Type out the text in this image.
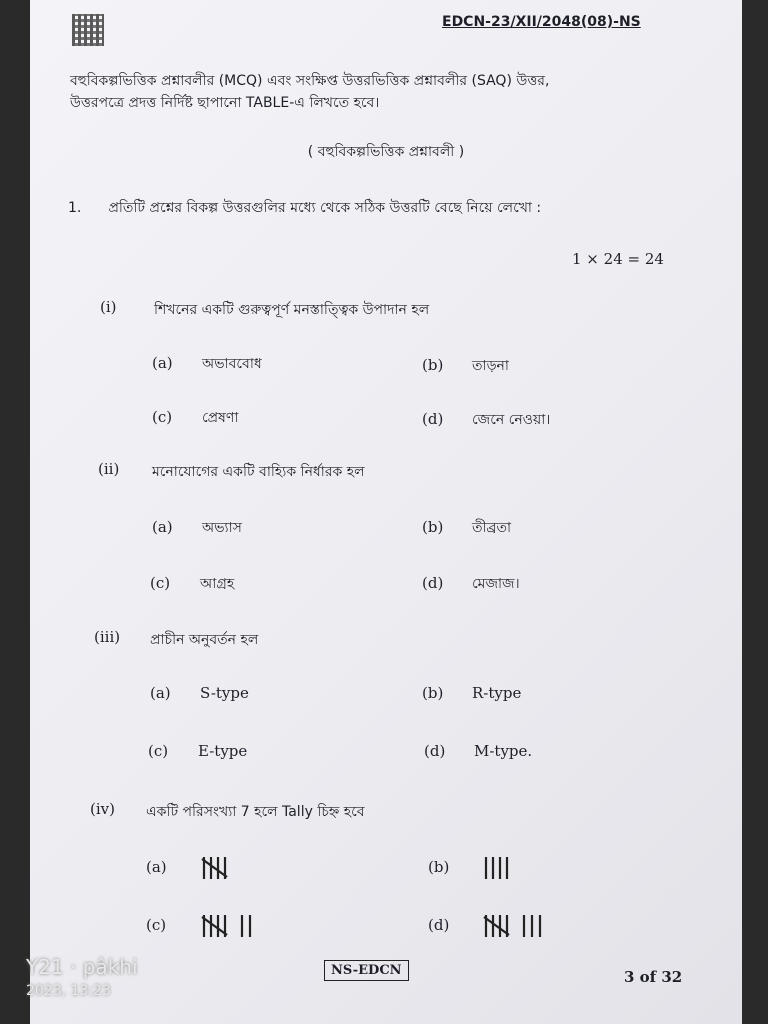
EDCN-23/XII/2048(08)-NS
বহুবিকল্পভিত্তিক প্রশ্নাবলীর (MCQ) এবং সংক্ষিপ্ত উত্তরভিত্তিক প্রশ্নাবলীর (SAQ) উত্তর,
উত্তরপত্রে প্রদত্ত নির্দিষ্ট ছাপানো TABLE-এ লিখতে হবে।
( বহুবিকল্পভিত্তিক প্রশ্নাবলী )
1. প্রতিটি প্রশ্নের বিকল্প উত্তরগুলির মধ্যে থেকে সঠিক উত্তরটি বেছে নিয়ে লেখো :
1 × 24 = 24
(i)	শিখনের একটি গুরুত্বপূর্ণ মনস্তাত্ত্বিক উপাদান হল
(a) অভাববোধ	(b) তাড়না
(c) প্রেষণা	(d) জেনে নেওয়া।
(ii) মনোযোগের একটি বাহ্যিক নির্ধারক হল
(a) অভ্যাস	(b) তীব্রতা
(c) আগ্রহ	(d) মেজাজ।
(iii) প্রাচীন অনুবর্তন হল
(a) S-type	(b) R-type
(c) E-type	(d) M-type.
(iv) একটি পরিসংখ্যা 7 হলে Tally চিহ্ন হবে
(a)	(b)
(c)	(d)
NS-EDCN	3 of 32
Y21 · pâkhi
2023, 13:23
